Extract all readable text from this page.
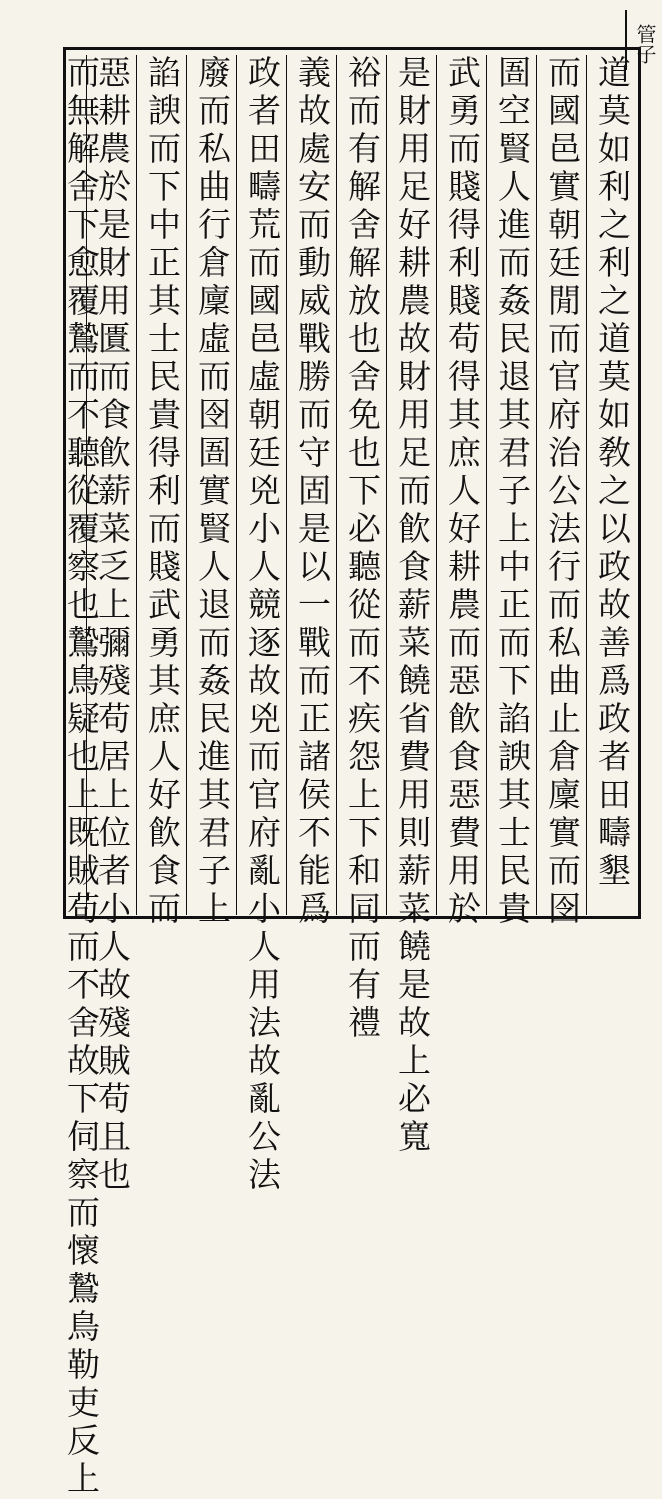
管子
道莫如利之利之道莫如敎之以政故善爲政者田疇墾
而國邑實朝廷閒而官府治公法行而私曲止倉廩實而囹
圄空賢人進而姦民退其君子上中正而下諂諛其士民貴
武勇而賤得利賤苟得其庶人好耕農而惡飮食惡費用於
是財用足好耕農故財用足而飮食薪菜饒省費用則薪菜饒是故上必寬
裕而有解舍解放也舍免也下必聽從而不疾怨上下和同而有禮
義故處安而動威戰勝而守固是以一戰而正諸侯不能爲
政者田疇荒而國邑虛朝廷兇小人競逐故兇而官府亂小人用法故亂公法
廢而私曲行倉廩虛而囹圄實賢人退而姦民進其君子上
諂諛而下中正其士民貴得利而賤武勇其庶人好飮食而
惡耕農於是財用匱而食飮薪菜乏上彌殘苟居上位者小人故殘賊苟且也
而無解舍下愈覆鷙而不聽從覆察也鷙鳥疑也上既賊苟而不舍故下伺察而懷鷙鳥勒吏反上
